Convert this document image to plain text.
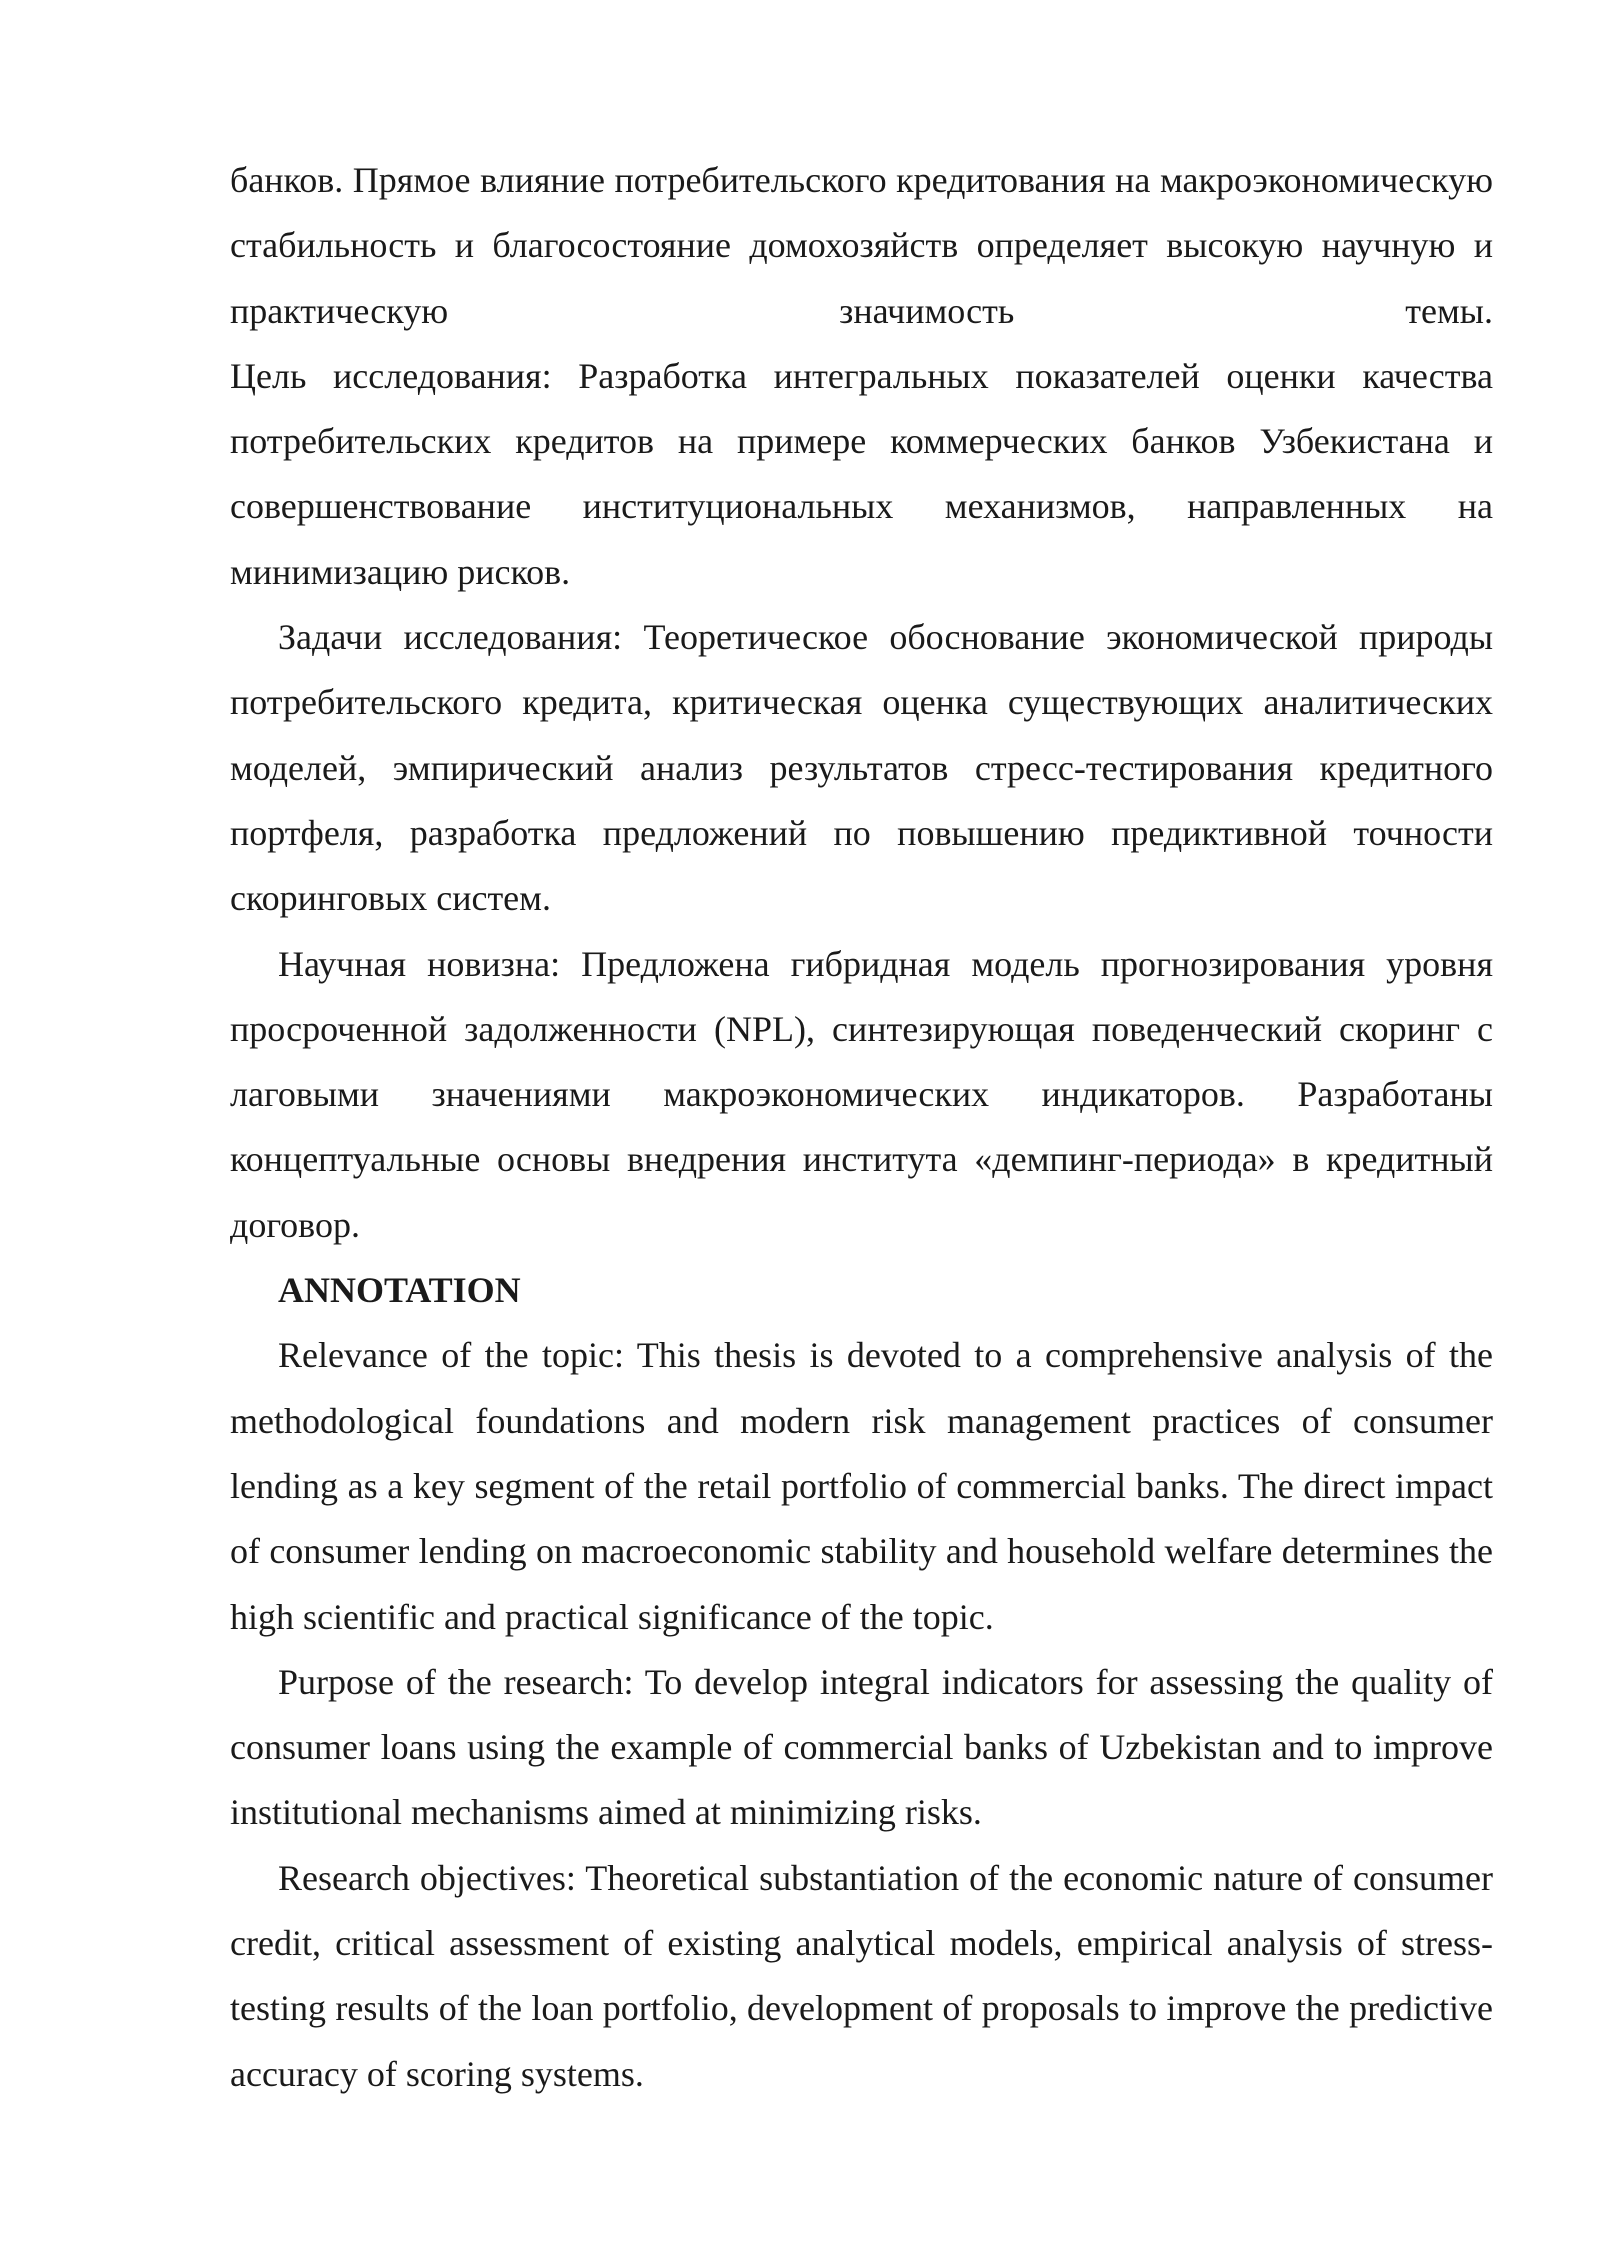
банков. Прямое влияние потребительского кредитования на макроэкономическую стабильность и благосостояние домохозяйств определяет высокую научную и практическую значимость темы.

Цель исследования: Разработка интегральных показателей оценки качества потребительских кредитов на примере коммерческих банков Узбекистана и совершенствование институциональных механизмов, направленных на минимизацию рисков.

Задачи исследования: Теоретическое обоснование экономической природы потребительского кредита, критическая оценка существующих аналитических моделей, эмпирический анализ результатов стресс-тестирования кредитного портфеля, разработка предложений по повышению предиктивной точности скоринговых систем.

Научная новизна: Предложена гибридная модель прогнозирования уровня просроченной задолженности (NPL), синтезирующая поведенческий скоринг с лаговыми значениями макроэкономических индикаторов. Разработаны концептуальные основы внедрения института «демпинг-периода» в кредитный договор.

ANNOTATION

Relevance of the topic: This thesis is devoted to a comprehensive analysis of the methodological foundations and modern risk management practices of consumer lending as a key segment of the retail portfolio of commercial banks. The direct impact of consumer lending on macroeconomic stability and household welfare determines the high scientific and practical significance of the topic.

Purpose of the research: To develop integral indicators for assessing the quality of consumer loans using the example of commercial banks of Uzbekistan and to improve institutional mechanisms aimed at minimizing risks.

Research objectives: Theoretical substantiation of the economic nature of consumer credit, critical assessment of existing analytical models, empirical analysis of stress-testing results of the loan portfolio, development of proposals to improve the predictive accuracy of scoring systems.
